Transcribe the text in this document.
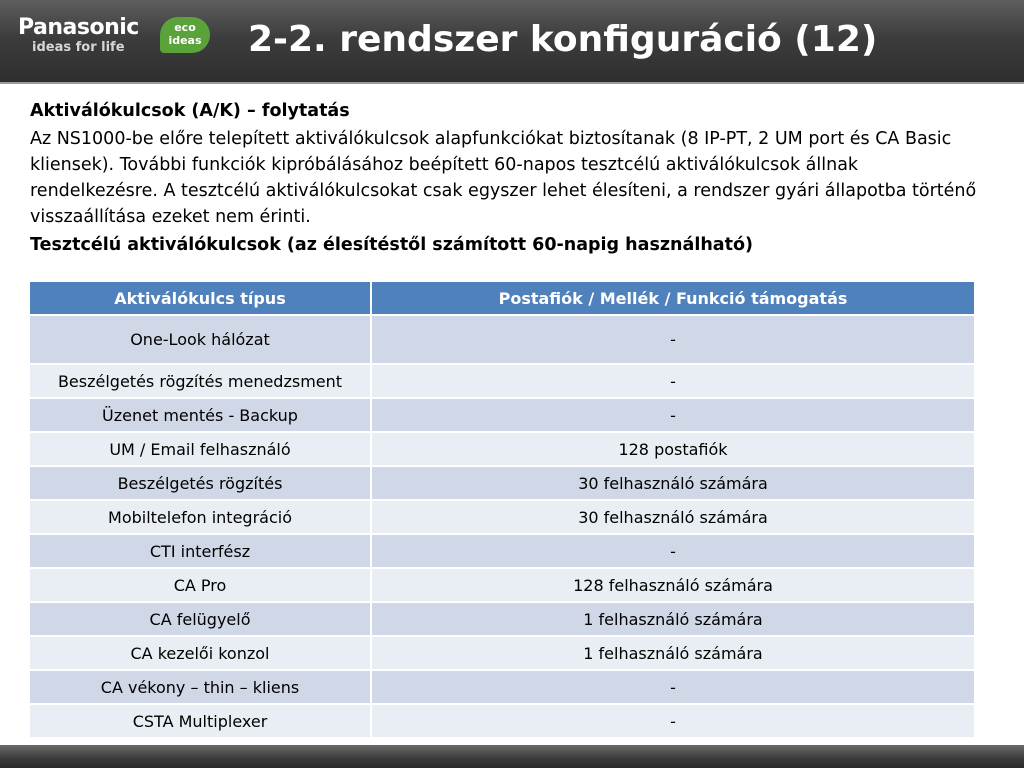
Panasonic
ideas for life
eco
ideas 2-2. rendszer konfiguráció (12)

Aktiválókulcsok (A/K) – folytatás

Az NS1000-be előre telepített aktiválókulcsok alapfunkciókat biztosítanak (8 IP-PT, 2 UM port és CA Basic kliensek). További funkciók kipróbálásához beépített 60-napos tesztcélú aktiválókulcsok állnak rendelkezésre. A tesztcélú aktiválókulcsokat csak egyszer lehet élesíteni, a rendszer gyári állapotba történő visszaállítása ezeket nem érinti.

Tesztcélú aktiválókulcsok (az élesítéstől számított 60-napig használható)

Aktiválókulcs típus	Postafiók / Mellék / Funkció támogatás
One-Look hálózat	-
Beszélgetés rögzítés menedzsment	-
Üzenet mentés - Backup	-
UM / Email felhasználó	128 postafiók
Beszélgetés rögzítés	30 felhasználó számára
Mobiltelefon integráció	30 felhasználó számára
CTI interfész	-
CA Pro	128 felhasználó számára
CA felügyelő	1 felhasználó számára
CA kezelői konzol	1 felhasználó számára
CA vékony – thin – kliens	-
CSTA Multiplexer	-
